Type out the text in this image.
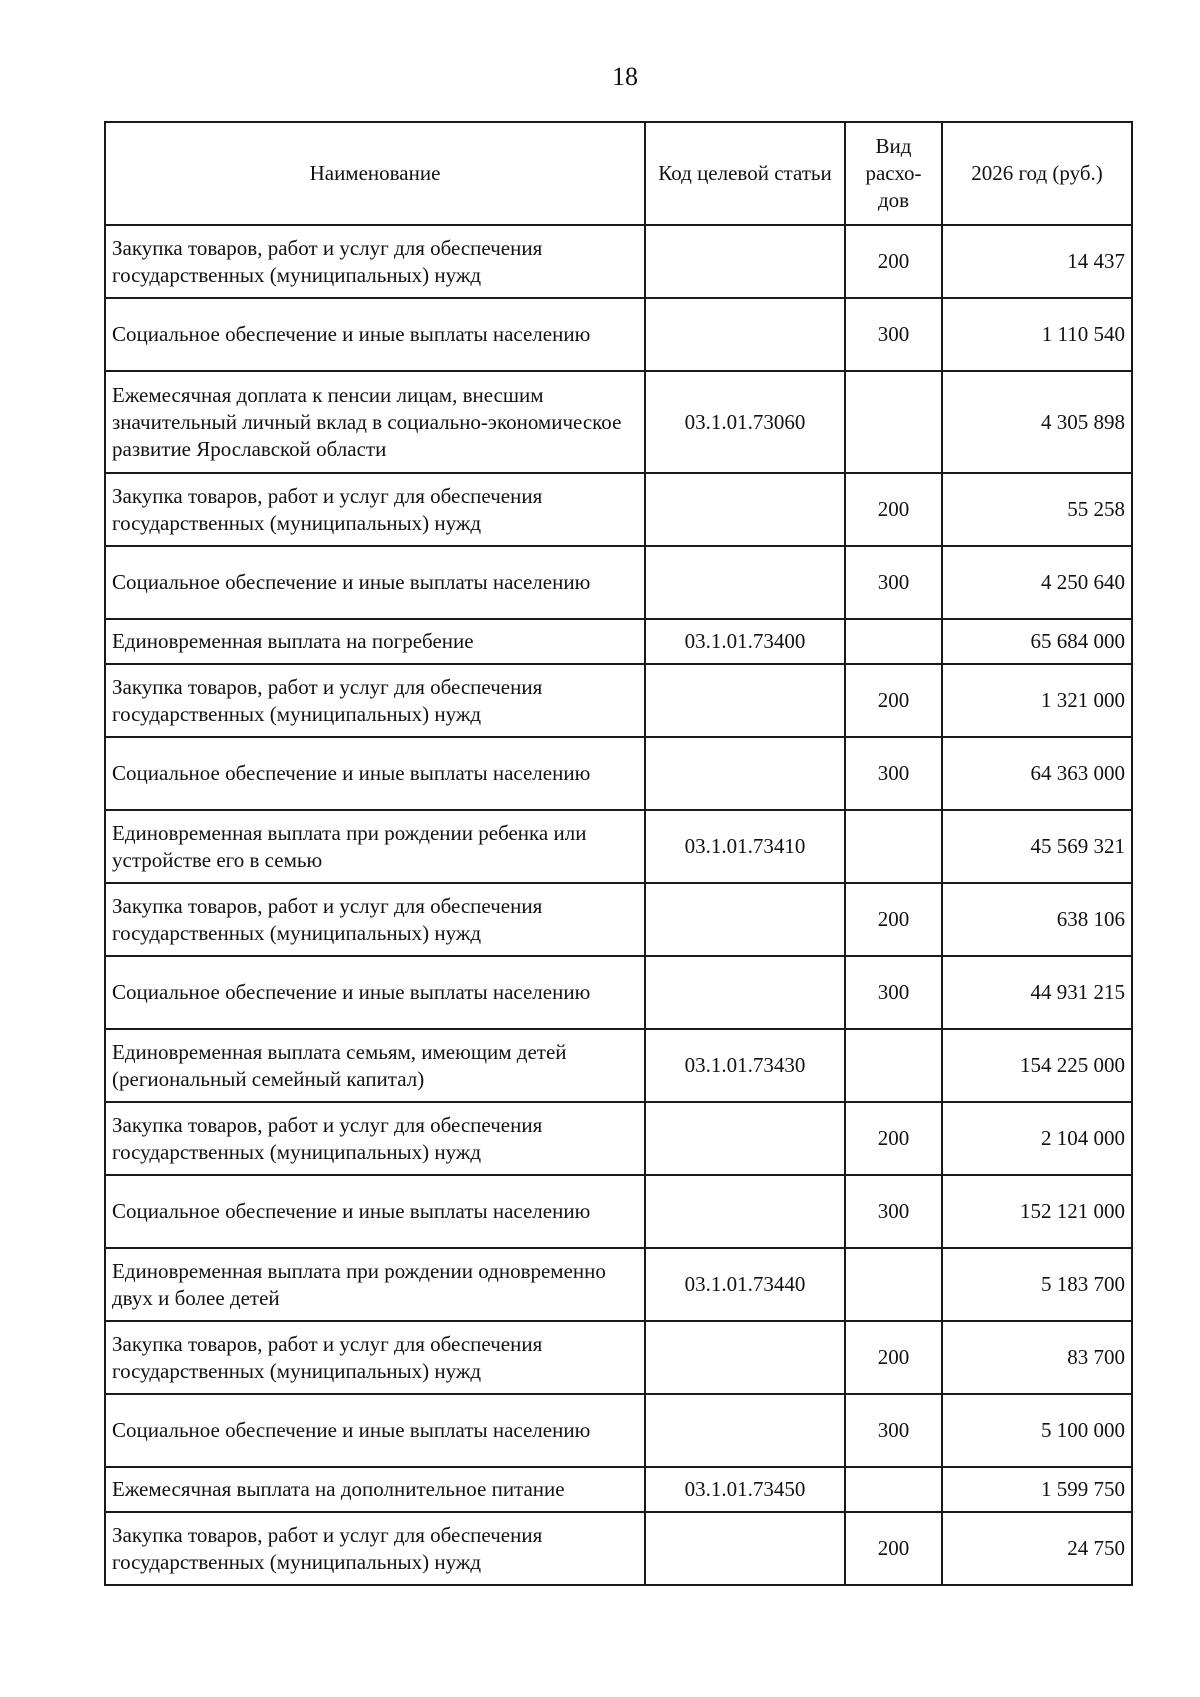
18
Наименование	Код целевой статьи	Вид расхо-дов	2026 год (руб.)
Закупка товаров, работ и услуг для обеспечения государственных (муниципальных) нужд		200	14 437
Социальное обеспечение и иные выплаты населению		300	1 110 540
Ежемесячная доплата к пенсии лицам, внесшим значительный личный вклад в социально-экономическое развитие Ярославской области	03.1.01.73060		4 305 898
Закупка товаров, работ и услуг для обеспечения государственных (муниципальных) нужд		200	55 258
Социальное обеспечение и иные выплаты населению		300	4 250 640
Единовременная выплата на погребение	03.1.01.73400		65 684 000
Закупка товаров, работ и услуг для обеспечения государственных (муниципальных) нужд		200	1 321 000
Социальное обеспечение и иные выплаты населению		300	64 363 000
Единовременная выплата при рождении ребенка или устройстве его в семью	03.1.01.73410		45 569 321
Закупка товаров, работ и услуг для обеспечения государственных (муниципальных) нужд		200	638 106
Социальное обеспечение и иные выплаты населению		300	44 931 215
Единовременная выплата семьям, имеющим детей (региональный семейный капитал)	03.1.01.73430		154 225 000
Закупка товаров, работ и услуг для обеспечения государственных (муниципальных) нужд		200	2 104 000
Социальное обеспечение и иные выплаты населению		300	152 121 000
Единовременная выплата при рождении одновременно двух и более детей	03.1.01.73440		5 183 700
Закупка товаров, работ и услуг для обеспечения государственных (муниципальных) нужд		200	83 700
Социальное обеспечение и иные выплаты населению		300	5 100 000
Ежемесячная выплата на дополнительное питание	03.1.01.73450		1 599 750
Закупка товаров, работ и услуг для обеспечения государственных (муниципальных) нужд		200	24 750
